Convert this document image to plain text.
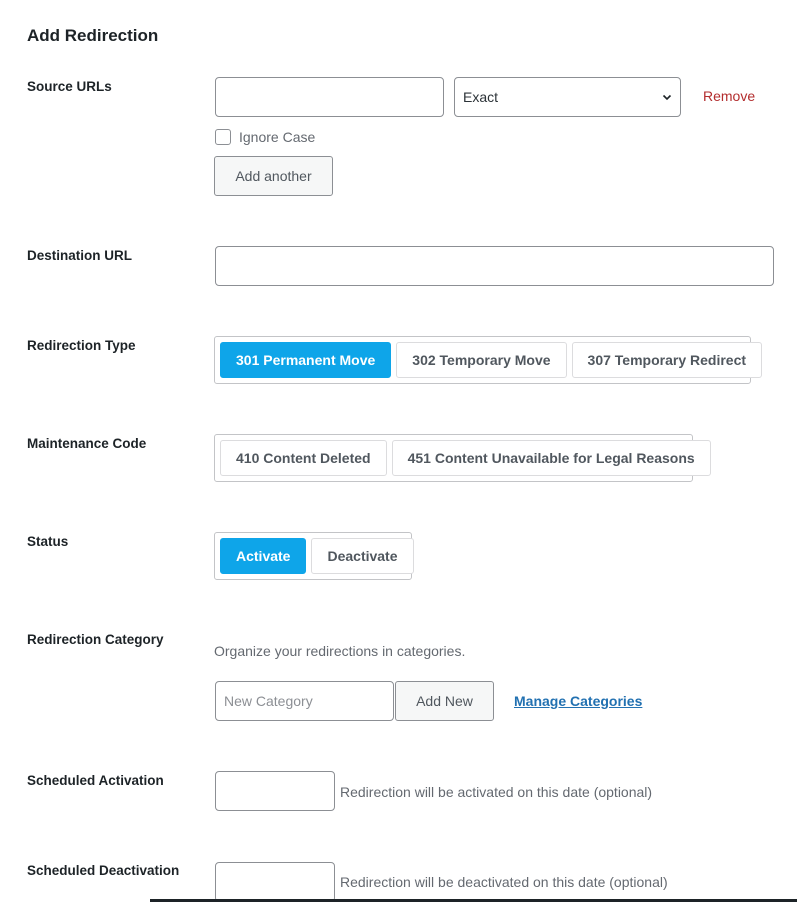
Add Redirection
Source URLs
Exact	Remove
Ignore Case
Add another
Destination URL
Redirection Type
301 Permanent Move	302 Temporary Move	307 Temporary Redirect
Maintenance Code
410 Content Deleted	451 Content Unavailable for Legal Reasons
Status
Activate	Deactivate
Redirection Category
Organize your redirections in categories.
New Category
Add New	Manage Categories
Scheduled Activation
Redirection will be activated on this date (optional)
Scheduled Deactivation
Redirection will be deactivated on this date (optional)
